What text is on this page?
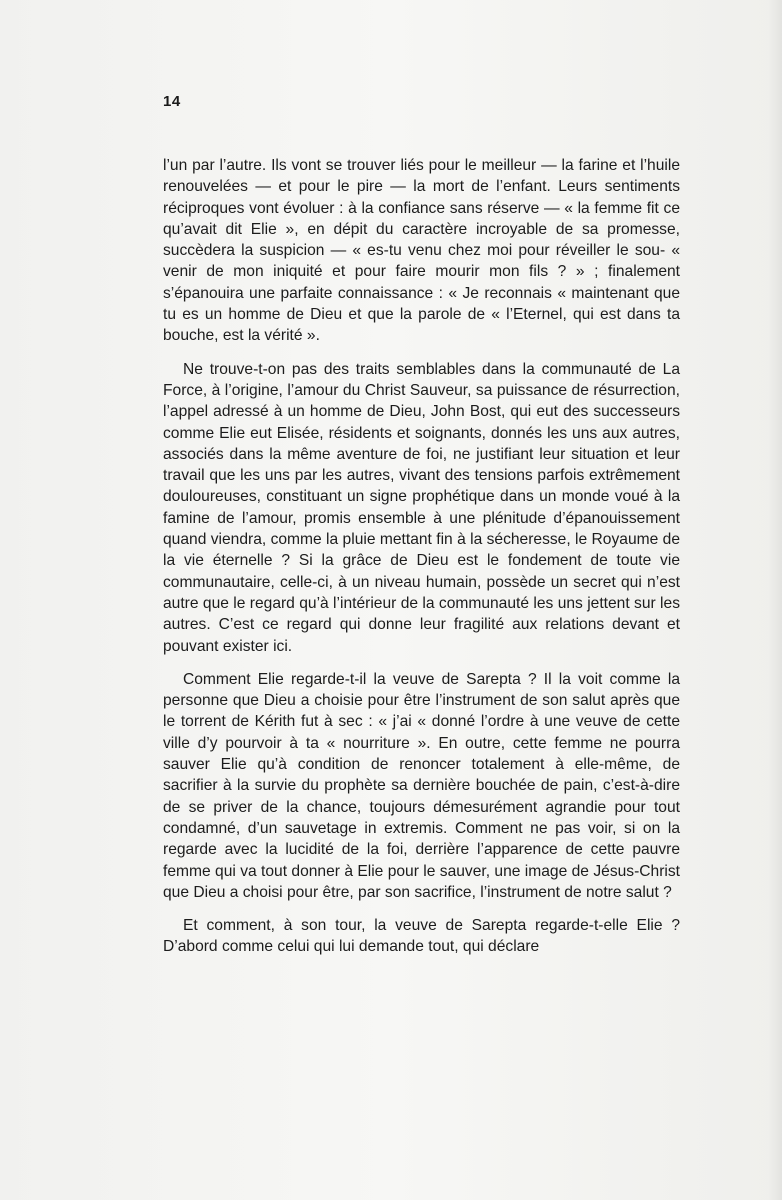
14

l’un par l’autre. Ils vont se trouver liés pour le meilleur — la farine et l’huile renouvelées — et pour le pire — la mort de l’enfant. Leurs sentiments réciproques vont évoluer : à la confiance sans réserve — « la femme fit ce qu’avait dit Elie », en dépit du caractère incroyable de sa promesse, succèdera la suspicion — « es-tu venu chez moi pour réveiller le sou- « venir de mon iniquité et pour faire mourir mon fils ? » ; finalement s’épanouira une parfaite connaissance : « Je reconnais « maintenant que tu es un homme de Dieu et que la parole de « l’Eternel, qui est dans ta bouche, est la vérité ».

Ne trouve-t-on pas des traits semblables dans la communauté de La Force, à l’origine, l’amour du Christ Sauveur, sa puissance de résurrection, l’appel adressé à un homme de Dieu, John Bost, qui eut des successeurs comme Elie eut Elisée, résidents et soignants, donnés les uns aux autres, associés dans la même aventure de foi, ne justifiant leur situation et leur travail que les uns par les autres, vivant des tensions parfois extrêmement douloureuses, constituant un signe prophétique dans un monde voué à la famine de l’amour, promis ensemble à une plénitude d’épanouissement quand viendra, comme la pluie mettant fin à la sécheresse, le Royaume de la vie éternelle ? Si la grâce de Dieu est le fondement de toute vie communautaire, celle-ci, à un niveau humain, possède un secret qui n’est autre que le regard qu’à l’intérieur de la communauté les uns jettent sur les autres. C’est ce regard qui donne leur fragilité aux relations devant et pouvant exister ici.

Comment Elie regarde-t-il la veuve de Sarepta ? Il la voit comme la personne que Dieu a choisie pour être l’instrument de son salut après que le torrent de Kérith fut à sec : « j’ai « donné l’ordre à une veuve de cette ville d’y pourvoir à ta « nourriture ». En outre, cette femme ne pourra sauver Elie qu’à condition de renoncer totalement à elle-même, de sacrifier à la survie du prophète sa dernière bouchée de pain, c’est-à-dire de se priver de la chance, toujours démesurément agrandie pour tout condamné, d’un sauvetage in extremis. Comment ne pas voir, si on la regarde avec la lucidité de la foi, derrière l’apparence de cette pauvre femme qui va tout donner à Elie pour le sauver, une image de Jésus-Christ que Dieu a choisi pour être, par son sacrifice, l’instrument de notre salut ?

Et comment, à son tour, la veuve de Sarepta regarde-t-elle Elie ? D’abord comme celui qui lui demande tout, qui déclare
